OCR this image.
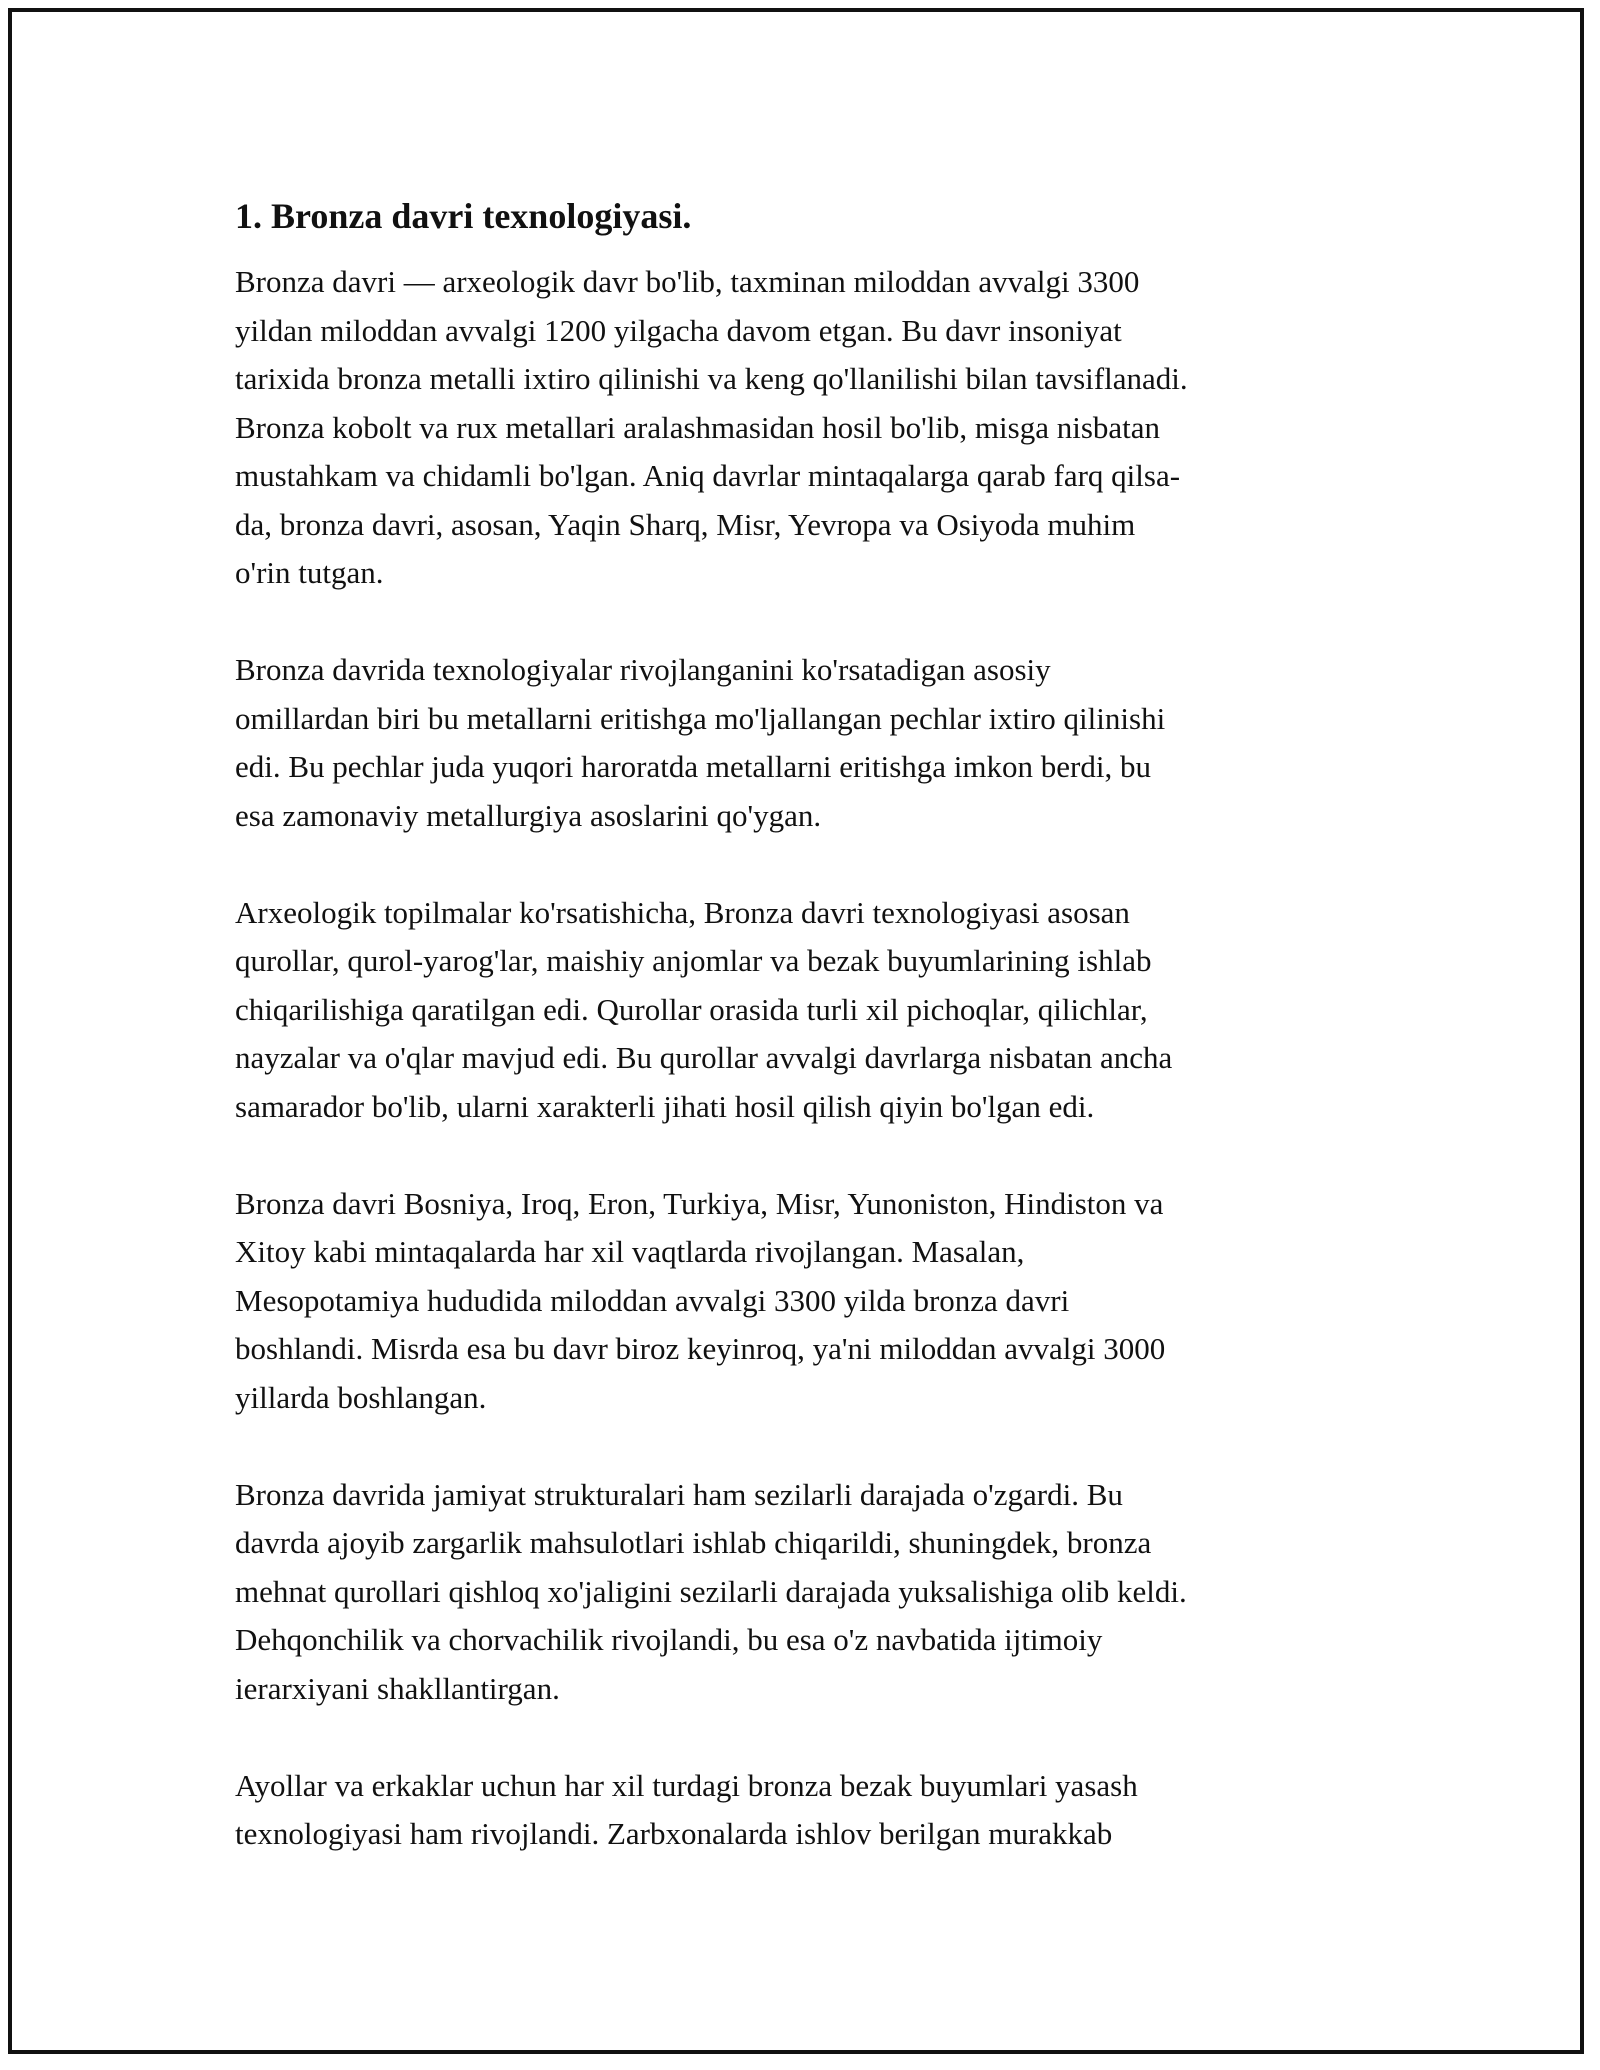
1. Bronza davri texnologiyasi.

Bronza davri — arxeologik davr bo'lib, taxminan miloddan avvalgi 3300
yildan miloddan avvalgi 1200 yilgacha davom etgan. Bu davr insoniyat
tarixida bronza metalli ixtiro qilinishi va keng qo'llanilishi bilan tavsiflanadi.
Bronza kobolt va rux metallari aralashmasidan hosil bo'lib, misga nisbatan
mustahkam va chidamli bo'lgan. Aniq davrlar mintaqalarga qarab farq qilsa-
da, bronza davri, asosan, Yaqin Sharq, Misr, Yevropa va Osiyoda muhim
o'rin tutgan.

Bronza davrida texnologiyalar rivojlanganini ko'rsatadigan asosiy
omillardan biri bu metallarni eritishga mo'ljallangan pechlar ixtiro qilinishi
edi. Bu pechlar juda yuqori haroratda metallarni eritishga imkon berdi, bu
esa zamonaviy metallurgiya asoslarini qo'ygan.

Arxeologik topilmalar ko'rsatishicha, Bronza davri texnologiyasi asosan
qurollar, qurol-yarog'lar, maishiy anjomlar va bezak buyumlarining ishlab
chiqarilishiga qaratilgan edi. Qurollar orasida turli xil pichoqlar, qilichlar,
nayzalar va o'qlar mavjud edi. Bu qurollar avvalgi davrlarga nisbatan ancha
samarador bo'lib, ularni xarakterli jihati hosil qilish qiyin bo'lgan edi.

Bronza davri Bosniya, Iroq, Eron, Turkiya, Misr, Yunoniston, Hindiston va
Xitoy kabi mintaqalarda har xil vaqtlarda rivojlangan. Masalan,
Mesopotamiya hududida miloddan avvalgi 3300 yilda bronza davri
boshlandi. Misrda esa bu davr biroz keyinroq, ya'ni miloddan avvalgi 3000
yillarda boshlangan.

Bronza davrida jamiyat strukturalari ham sezilarli darajada o'zgardi. Bu
davrda ajoyib zargarlik mahsulotlari ishlab chiqarildi, shuningdek, bronza
mehnat qurollari qishloq xo'jaligini sezilarli darajada yuksalishiga olib keldi.
Dehqonchilik va chorvachilik rivojlandi, bu esa o'z navbatida ijtimoiy
ierarxiyani shakllantirgan.

Ayollar va erkaklar uchun har xil turdagi bronza bezak buyumlari yasash
texnologiyasi ham rivojlandi. Zarbxonalarda ishlov berilgan murakkab
